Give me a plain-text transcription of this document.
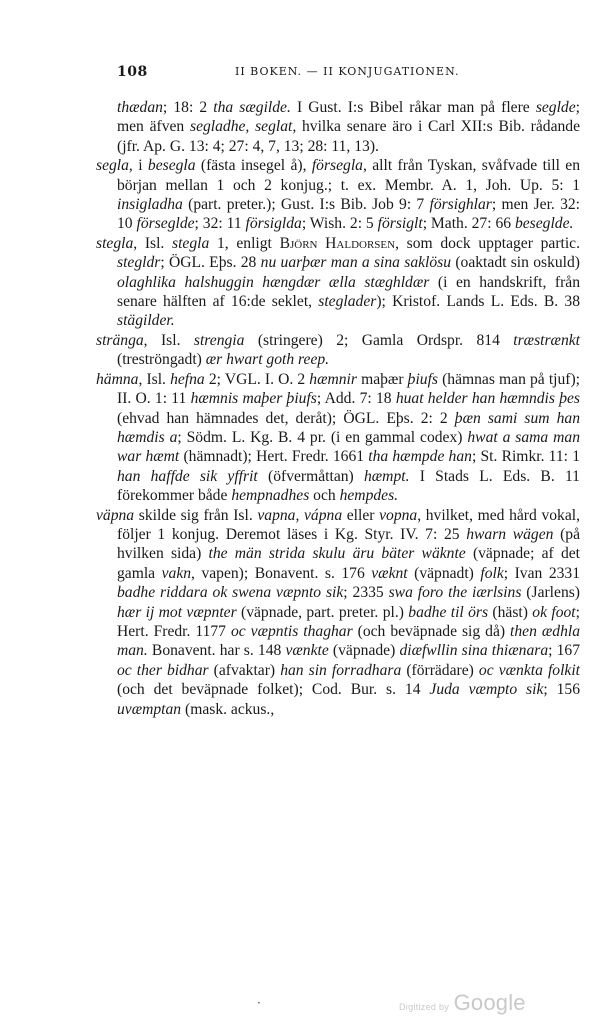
108	II BOKEN. — II KONJUGATIONEN.

thædan; 18: 2 tha sægilde. I Gust. I:s Bibel råkar man på flere seglde; men äfven segladhe, seglat, hvilka senare äro i Carl XII:s Bib. rådande (jfr. Ap. G. 13: 4; 27: 4, 7, 13; 28: 11, 13).

segla, i besegla (fästa insegel å), försegla, allt från Tyskan, svåfvade till en början mellan 1 och 2 konjug.; t. ex. Membr. A. 1, Joh. Up. 5: 1 insigladha (part. preter.); Gust. I:s Bib. Job 9: 7 försighlar; men Jer. 32: 10 förseglde; 32: 11 försiglda; Wish. 2: 5 försiglt; Math. 27: 66 beseglde.

stegla, Isl. stegla 1, enligt Björn Haldorsen, som dock upptager partic. stegldr; ÖGL. Eþs. 28 nu uarþær man a sina saklösu (oaktadt sin oskuld) olaghlika halshuggin hængdær ælla stæghldær (i en handskrift, från senare hälften af 16:de seklet, steglader); Kristof. Lands L. Eds. B. 38 stägilder.

stränga, Isl. strengia (stringere) 2; Gamla Ordspr. 814 træstrænkt (treströngadt) ær hwart goth reep.

hämna, Isl. hefna 2; VGL. I. O. 2 hæmnir maþær þiufs (hämnas man på tjuf); II. O. 1: 11 hæmnis maþer þiufs; Add. 7: 18 huat helder han hæmndis þes (ehvad han hämnades det, deråt); ÖGL. Eþs. 2: 2 þæn sami sum han hæmdis a; Södm. L. Kg. B. 4 pr. (i en gammal codex) hwat a sama man war hæmt (hämnadt); Hert. Fredr. 1661 tha hæmpde han; St. Rimkr. 11: 1 han haffde sik yffrit (öfvermåttan) hæmpt. I Stads L. Eds. B. 11 förekommer både hempnadhes och hempdes.

väpna skilde sig från Isl. vapna, vápna eller vopna, hvilket, med hård vokal, följer 1 konjug. Deremot läses i Kg. Styr. IV. 7: 25 hwarn wägen (på hvilken sida) the män strida skulu äru bäter wäknte (väpnade; af det gamla vakn, vapen); Bonavent. s. 176 væknt (väpnadt) folk; Ivan 2331 badhe riddara ok swena væpnto sik; 2335 swa foro the iærlsins (Jarlens) hær ij mot væpnter (väpnade, part. preter. pl.) badhe til örs (häst) ok foot; Hert. Fredr. 1177 oc væpntis thaghar (och beväpnade sig då) then ædhla man. Bonavent. har s. 148 vænkte (väpnade) diæfwllin sina thiænara; 167 oc ther bidhar (afvaktar) han sin forradhara (förrädare) oc vænkta folkit (och det beväpnade folket); Cod. Bur. s. 14 Juda væmpto sik; 156 uvæmptan (mask. ackus.,

·	Digitized by Google
